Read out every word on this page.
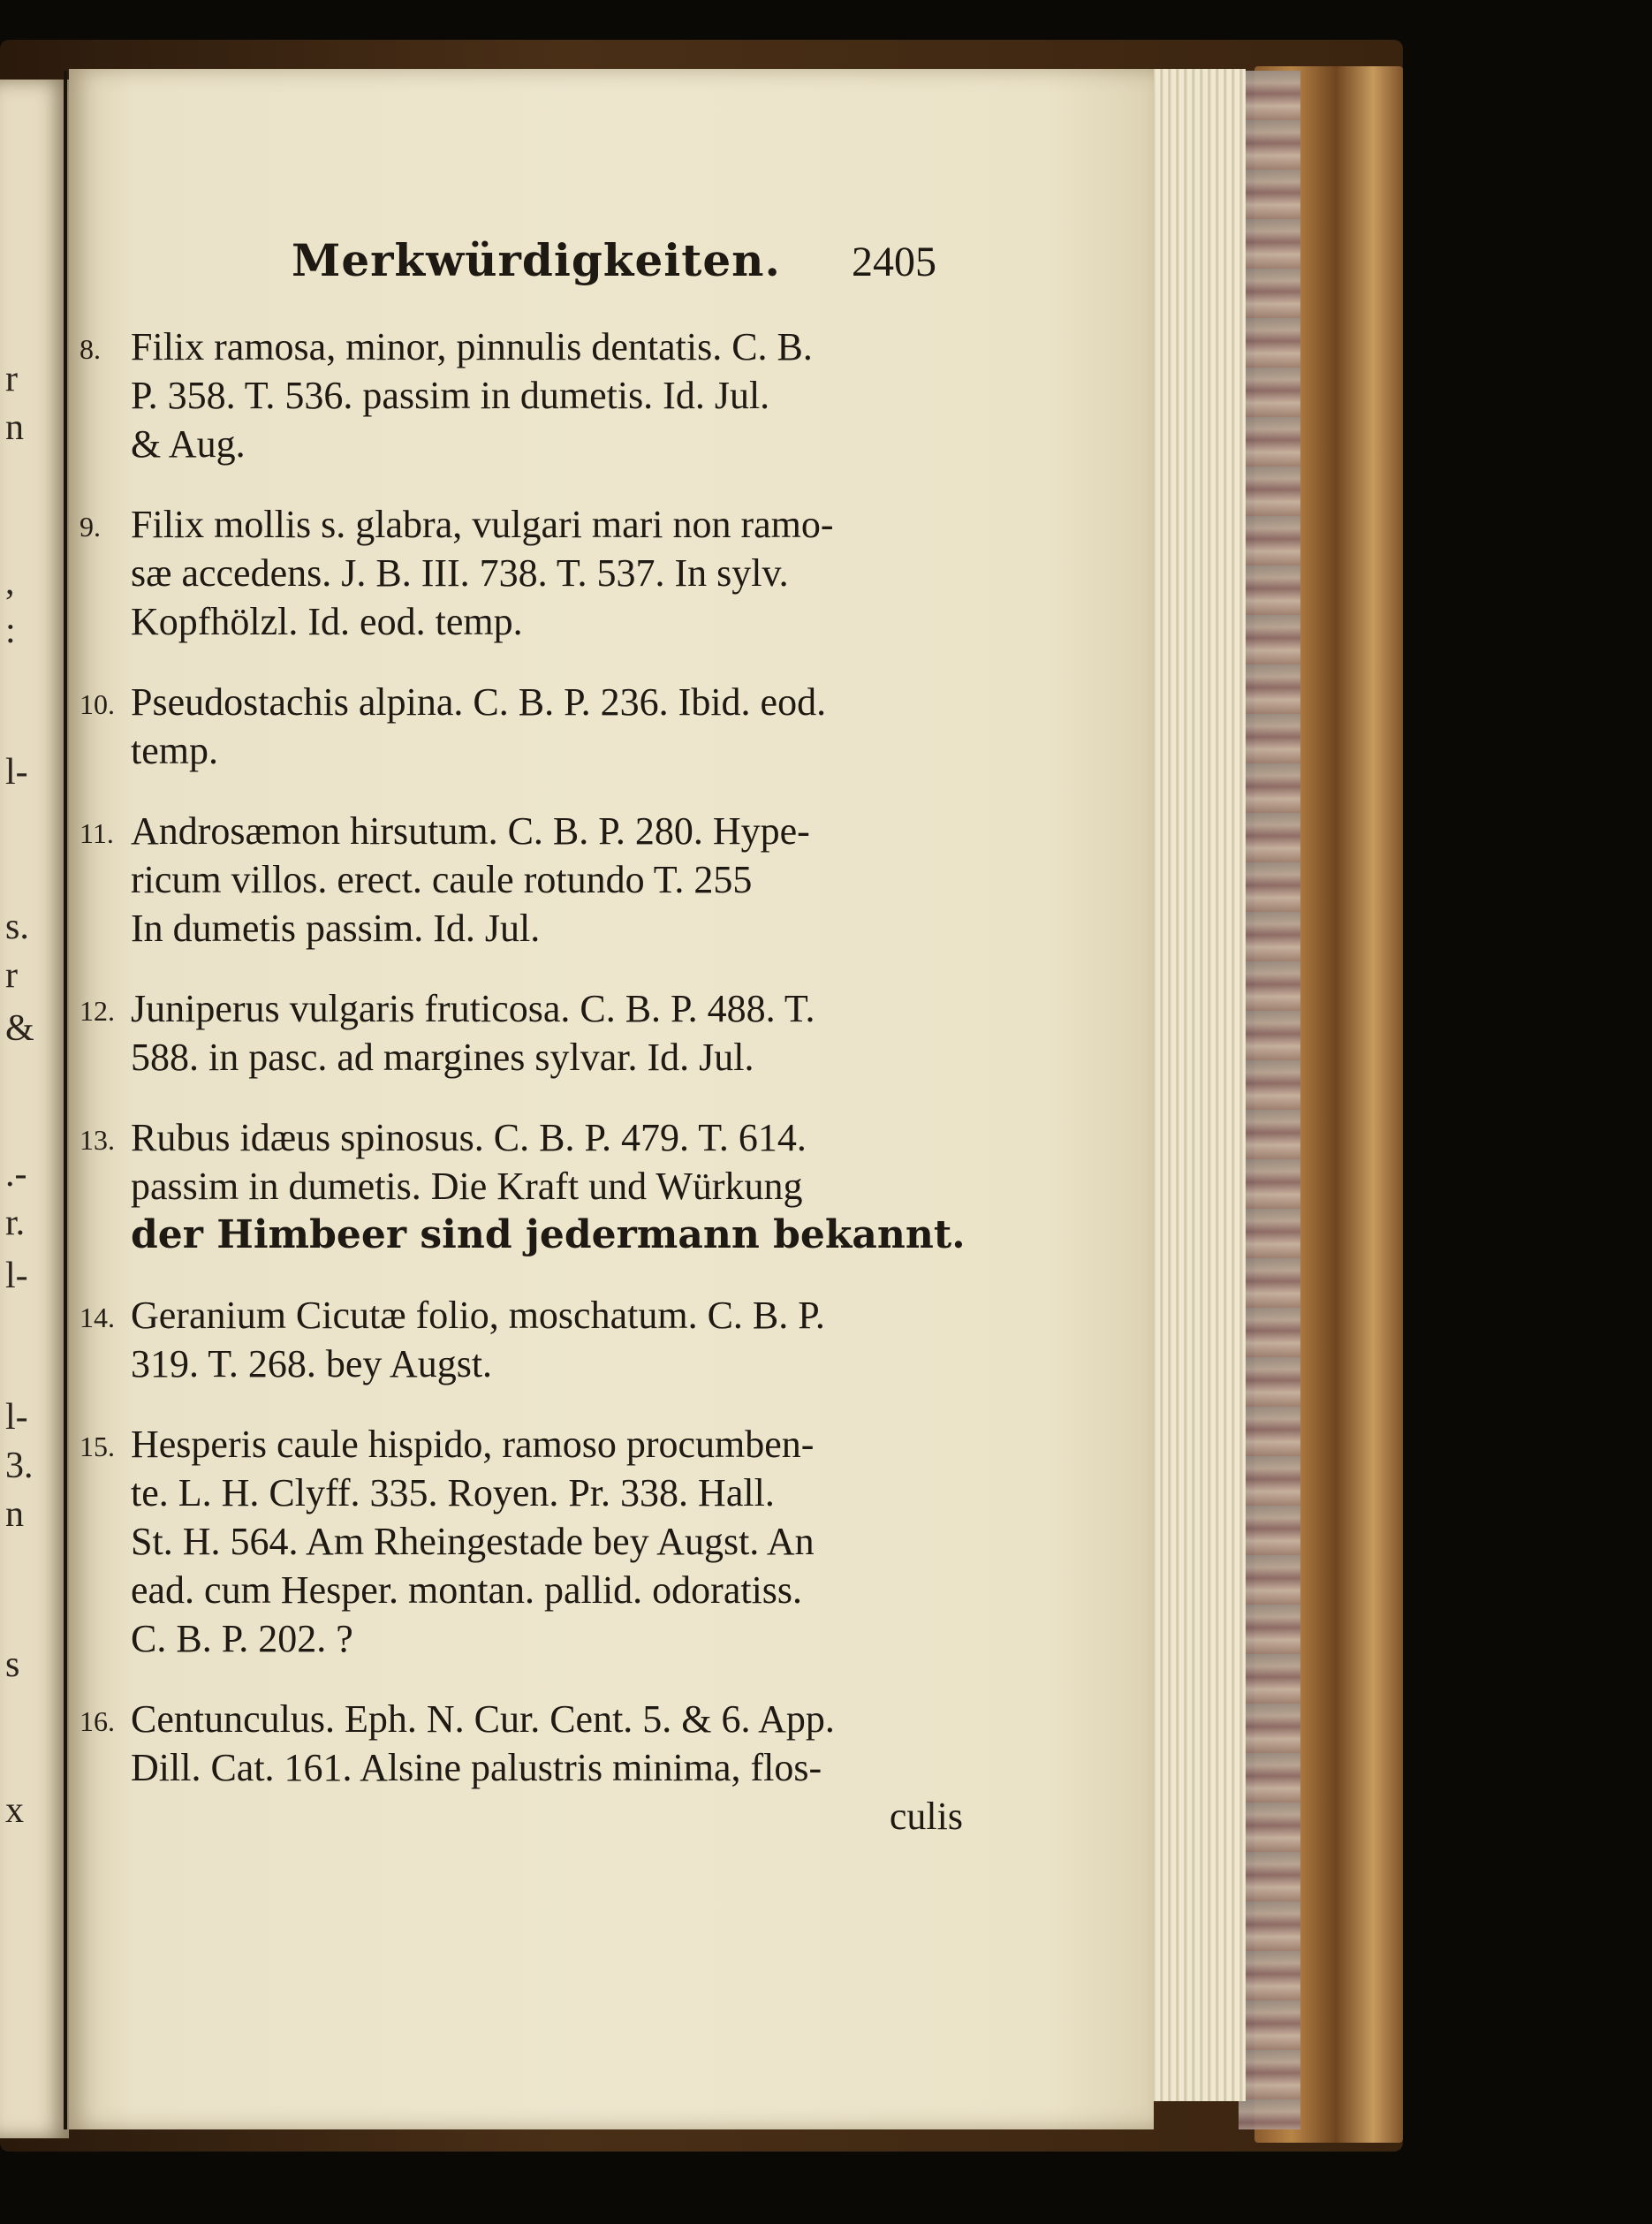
r
n
,
:
l-
s.
r
&
.-
r.
l-
l-
3.
n
s
x
Merkwürdigkeiten. 2405
8. Filix ramosa, minor, pinnulis dentatis. C. B.
P. 358. T. 536. passim in dumetis. Id. Jul.
& Aug.
9. Filix mollis s. glabra, vulgari mari non ramo-
sæ accedens. J. B. III. 738. T. 537. In sylv.
Kopfhölzl. Id. eod. temp.
10. Pseudostachis alpina. C. B. P. 236. Ibid. eod.
temp.
11. Androsæmon hirsutum. C. B. P. 280. Hype-
ricum villos. erect. caule rotundo T. 255
In dumetis passim. Id. Jul.
12. Juniperus vulgaris fruticosa. C. B. P. 488. T.
588. in pasc. ad margines sylvar. Id. Jul.
13. Rubus idæus spinosus. C. B. P. 479. T. 614.
passim in dumetis. Die Kraft und Würkung
der Himbeer sind jedermann bekannt.
14. Geranium Cicutæ folio, moschatum. C. B. P.
319. T. 268. bey Augst.
15. Hesperis caule hispido, ramoso procumben-
te. L. H. Clyff. 335. Royen. Pr. 338. Hall.
St. H. 564. Am Rheingestade bey Augst. An
ead. cum Hesper. montan. pallid. odoratiss.
C. B. P. 202. ?
16. Centunculus. Eph. N. Cur. Cent. 5. & 6. App.
Dill. Cat. 161. Alsine palustris minima, flos-
culis
